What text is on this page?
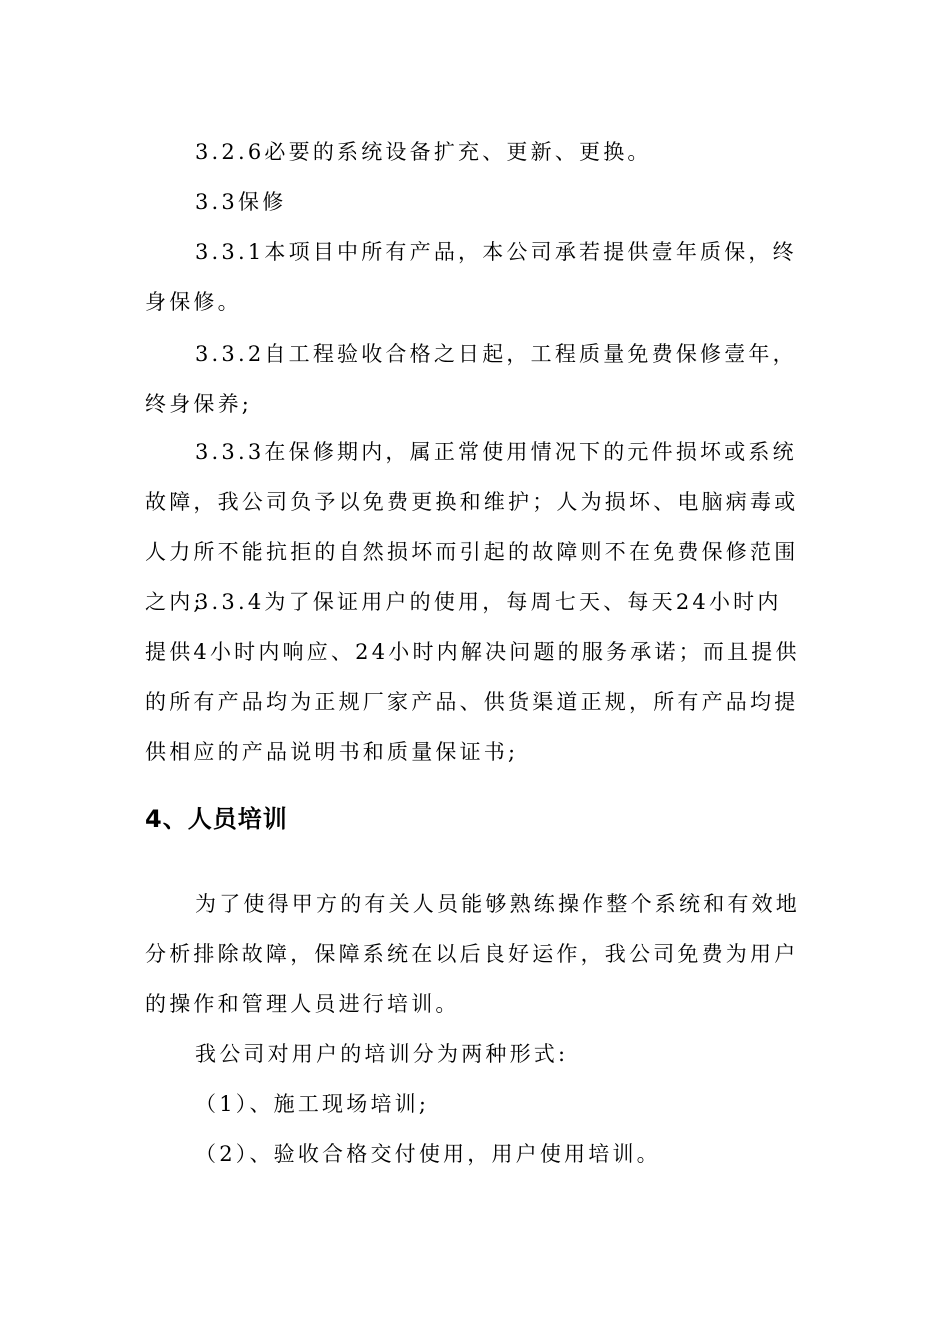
3.2.6必要的系统设备扩充、更新、更换。

3.3保修

3.3.1本项目中所有产品，本公司承若提供壹年质保，终身保修。

3.3.2自工程验收合格之日起，工程质量免费保修壹年，终身保养;

3.3.3在保修期内，属正常使用情况下的元件损坏或系统故障，我公司负予以免费更换和维护；人为损坏、电脑病毒或人力所不能抗拒的自然损坏而引起的故障则不在免费保修范围之内;

3.3.4为了保证用户的使用，每周七天、每天24小时内提供4小时内响应、24小时内解决问题的服务承诺；而且提供的所有产品均为正规厂家产品、供货渠道正规，所有产品均提供相应的产品说明书和质量保证书;

4、人员培训

为了使得甲方的有关人员能够熟练操作整个系统和有效地分析排除故障，保障系统在以后良好运作，我公司免费为用户的操作和管理人员进行培训。

我公司对用户的培训分为两种形式:

（1）、施工现场培训;

（2）、验收合格交付使用，用户使用培训。
